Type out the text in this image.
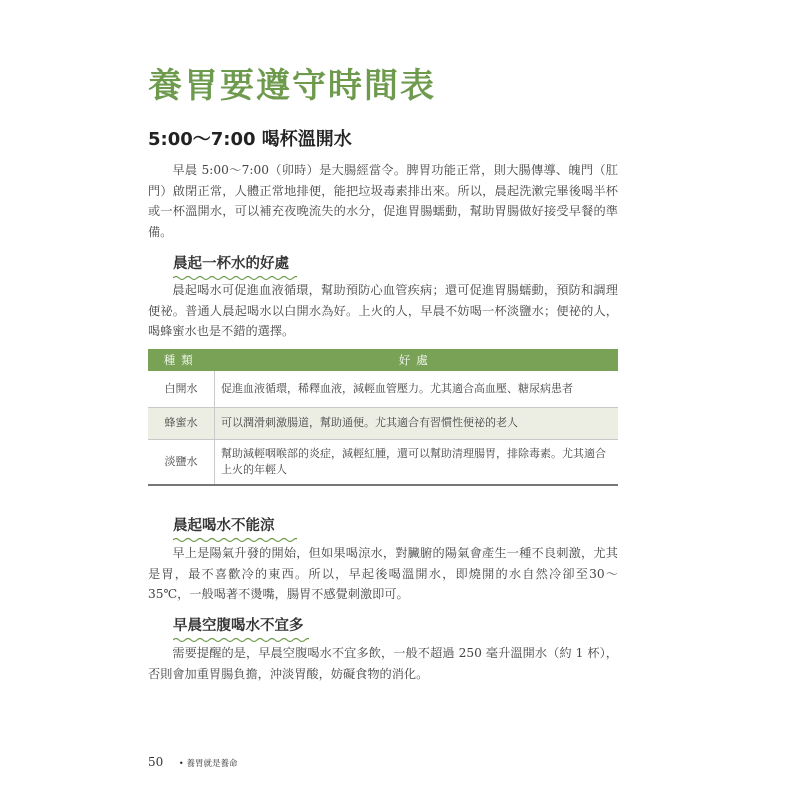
養胃要遵守時間表
5:00～7:00 喝杯溫開水

早晨 5:00～7:00（卯時）是大腸經當令。脾胃功能正常，則大腸傳導、魄門（肛門）啟閉正常，人體正常地排便，能把垃圾毒素排出來。所以，晨起洗漱完畢後喝半杯或一杯溫開水，可以補充夜晚流失的水分，促進胃腸蠕動，幫助胃腸做好接受早餐的準備。

晨起一杯水的好處

晨起喝水可促進血液循環，幫助預防心血管疾病；還可促進胃腸蠕動，預防和調理便祕。普通人晨起喝水以白開水為好。上火的人，早晨不妨喝一杯淡鹽水；便祕的人，喝蜂蜜水也是不錯的選擇。

種類	好處
白開水	促進血液循環，稀釋血液，減輕血管壓力。尤其適合高血壓、糖尿病患者
蜂蜜水	可以潤滑刺激腸道，幫助通便。尤其適合有習慣性便祕的老人
淡鹽水	幫助減輕咽喉部的炎症，減輕紅腫，還可以幫助清理腸胃，排除毒素。尤其適合上火的年輕人
晨起喝水不能涼

早上是陽氣升發的開始，但如果喝涼水，對臟腑的陽氣會產生一種不良刺激，尤其是胃，最不喜歡冷的東西。所以，早起後喝溫開水，即燒開的水自然冷卻至30～35℃，一般喝著不燙嘴，腸胃不感覺刺激即可。

早晨空腹喝水不宜多

需要提醒的是，早晨空腹喝水不宜多飲，一般不超過 250 毫升溫開水（約 1 杯），否則會加重胃腸負擔，沖淡胃酸，妨礙食物的消化。

50 • 養胃就是養命
